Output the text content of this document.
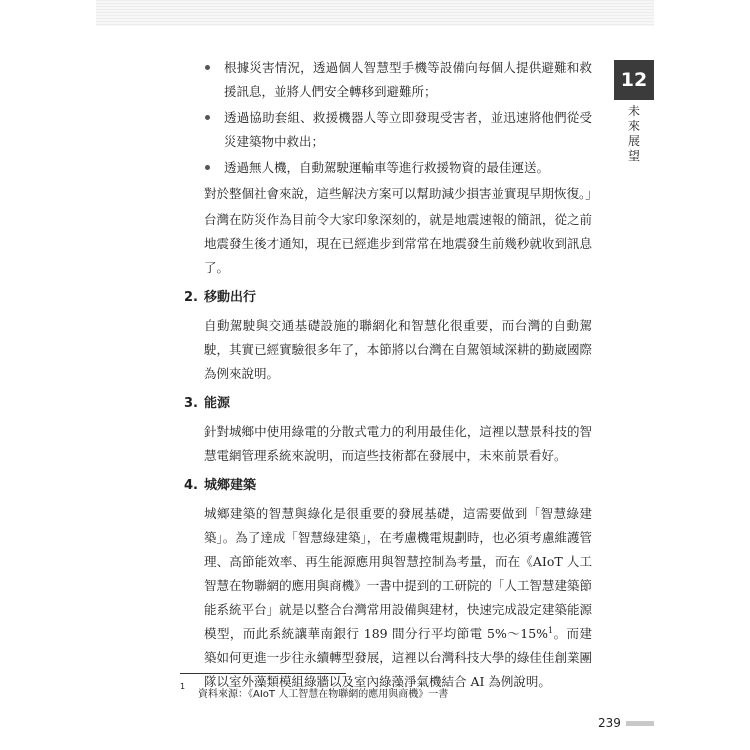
12
未來展望
根據災害情況，透過個人智慧型手機等設備向每個人提供避難和救援訊息，並將人們安全轉移到避難所；
透過協助套組、救援機器人等立即發現受害者，並迅速將他們從受災建築物中救出；
透過無人機，自動駕駛運輸車等進行救援物資的最佳運送。

對於整個社會來說，這些解決方案可以幫助減少損害並實現早期恢復。」

台灣在防災作為目前令大家印象深刻的，就是地震速報的簡訊，從之前地震發生後才通知，現在已經進步到常常在地震發生前幾秒就收到訊息了。

2. 移動出行
自動駕駛與交通基礎設施的聯網化和智慧化很重要，而台灣的自動駕駛，其實已經實驗很多年了，本節將以台灣在自駕領域深耕的勤崴國際為例來說明。
3. 能源
針對城鄉中使用綠電的分散式電力的利用最佳化，這裡以慧景科技的智慧電網管理系統來說明，而這些技術都在發展中，未來前景看好。
4. 城鄉建築
城鄉建築的智慧與綠化是很重要的發展基礎，這需要做到「智慧綠建築」。為了達成「智慧綠建築」，在考慮機電規劃時，也必須考慮維護管理、高節能效率、再生能源應用與智慧控制為考量，而在《AIoT 人工智慧在物聯網的應用與商機》一書中提到的工研院的「人工智慧建築節能系統平台」就是以整合台灣常用設備與建材，快速完成設定建築能源模型，而此系統讓華南銀行 189 間分行平均節電 5%～15%$^1$。而建築如何更進一步往永續轉型發展，這裡以台灣科技大學的綠佳佳創業團隊以室外藻類模組綠牆以及室內綠藻淨氣機結合 AI 為例說明。
1
資料來源：《AIoT 人工智慧在物聯網的應用與商機》一書
239
